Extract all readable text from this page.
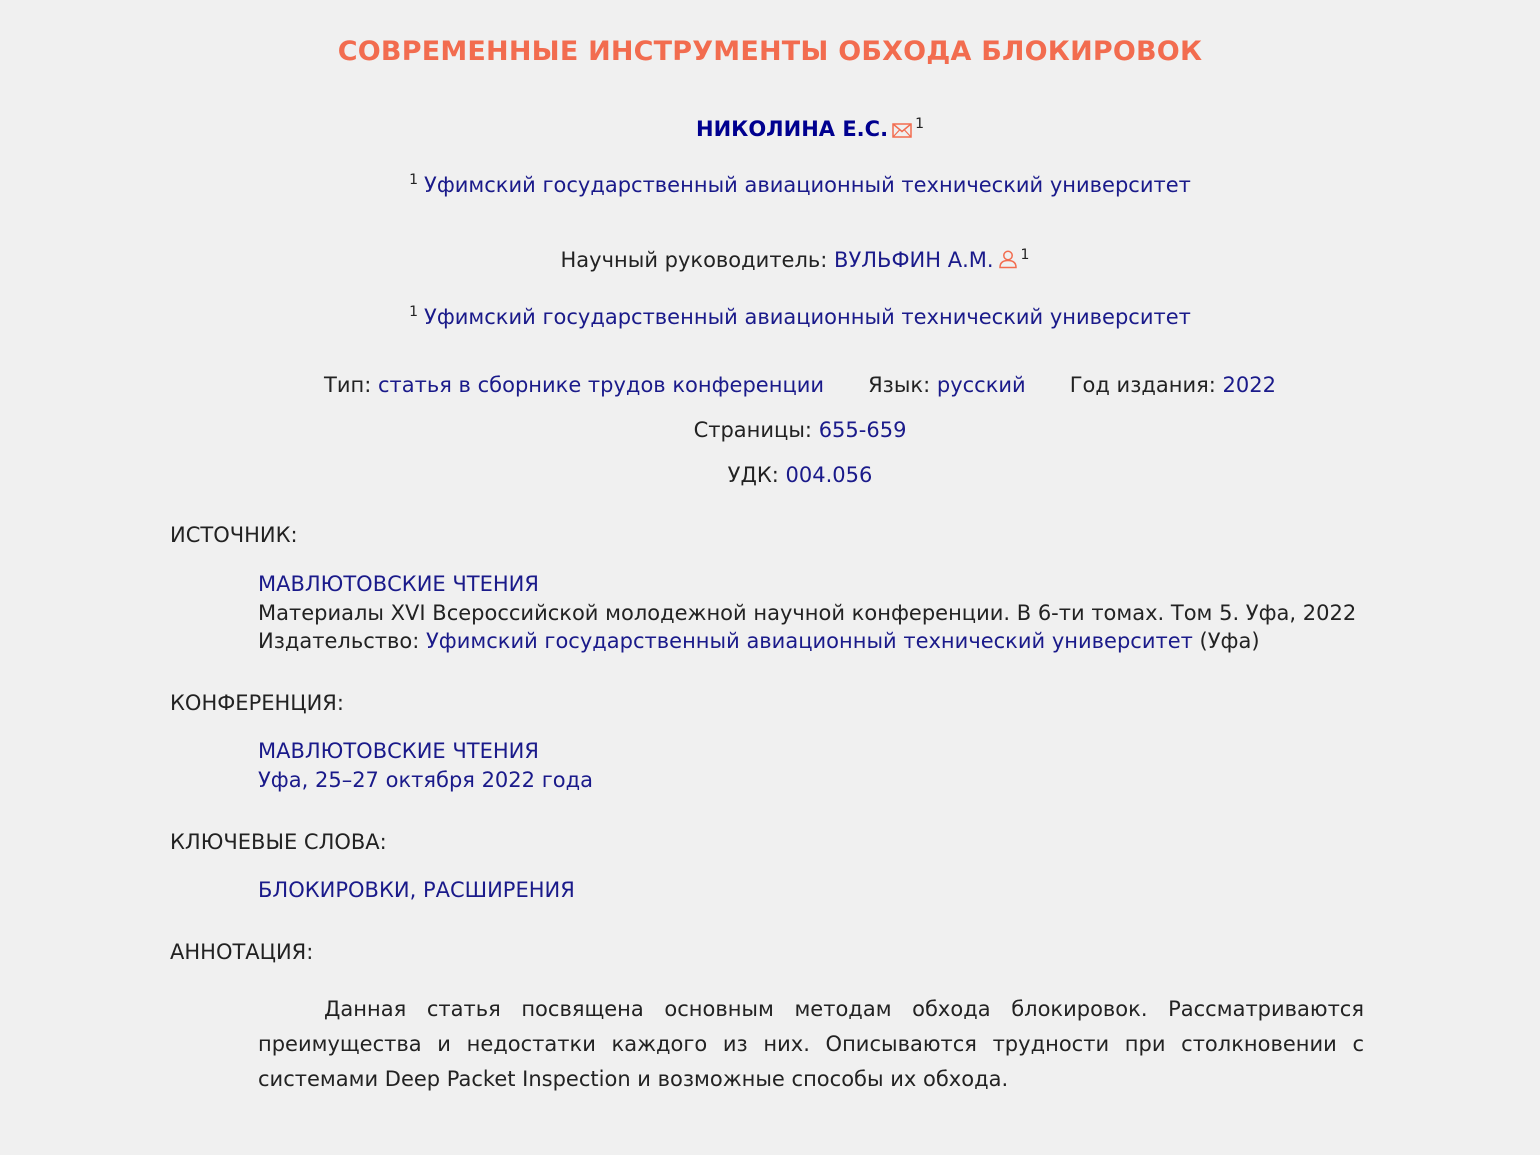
СОВРЕМЕННЫЕ ИНСТРУМЕНТЫ ОБХОДА БЛОКИРОВОК
НИКОЛИНА Е.С. $^1$
$^1$ Уфимский государственный авиационный технический университет
Научный руководитель: ВУЛЬФИН А.М. $^1$
$^1$ Уфимский государственный авиационный технический университет
Тип: статья в сборнике трудов конференции Язык: русский Год издания: 2022
Страницы: 655-659
УДК: 004.056
ИСТОЧНИК:
МАВЛЮТОВСКИЕ ЧТЕНИЯ
Материалы XVI Всероссийской молодежной научной конференции. В 6-ти томах. Том 5. Уфа, 2022
Издательство: Уфимский государственный авиационный технический университет (Уфа)
КОНФЕРЕНЦИЯ:
МАВЛЮТОВСКИЕ ЧТЕНИЯ
Уфа, 25–27 октября 2022 года
КЛЮЧЕВЫЕ СЛОВА:
БЛОКИРОВКИ, РАСШИРЕНИЯ
АННОТАЦИЯ:
Данная статья посвящена основным методам обхода блокировок. Рассматриваются преимущества и недостатки каждого из них. Описываются трудности при столкновении с системами Deep Packet Inspection и возможные способы их обхода.
